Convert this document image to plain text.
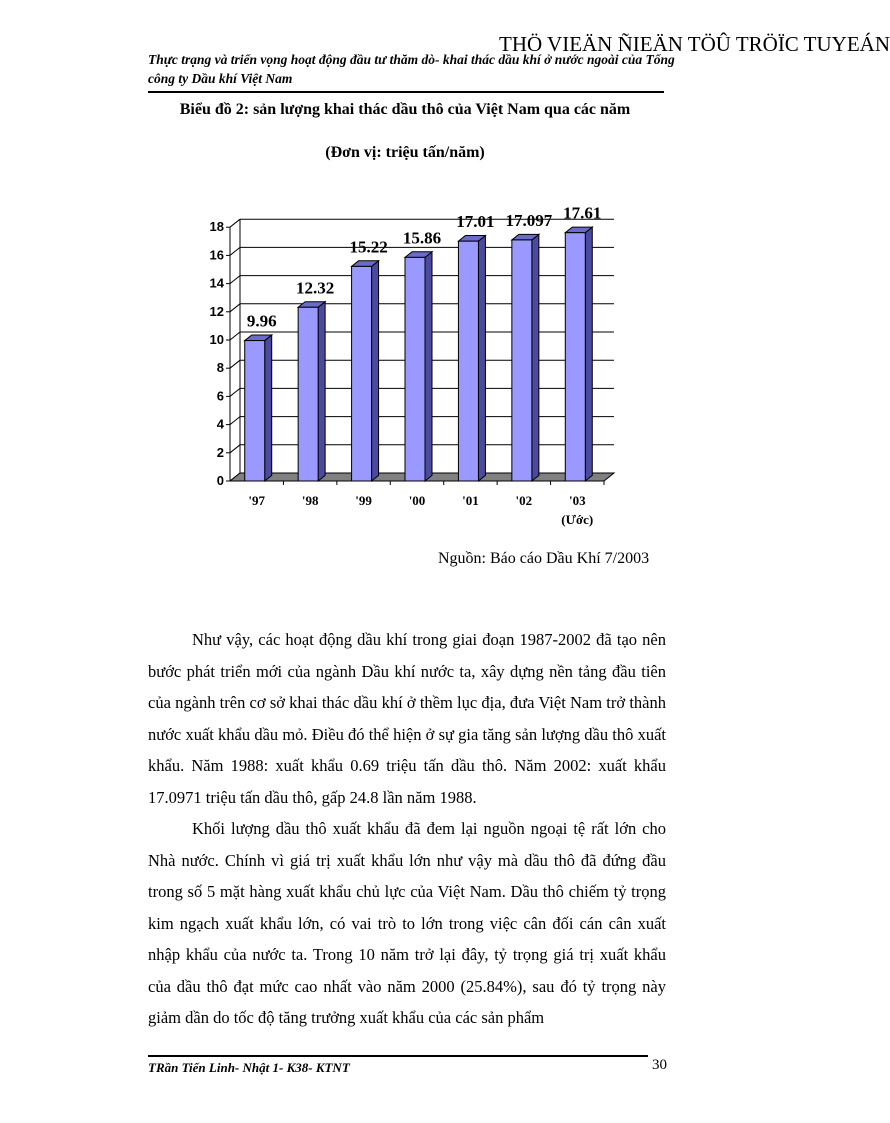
THÖ VIEÄN ÑIEÄN TÖÛ TRÖÏC TUYEÁN
Thực trạng và triển vọng hoạt động đầu tư thăm dò- khai thác dầu khí ở nước ngoài của Tổng công ty Dầu khí Việt Nam
Biểu đồ 2: sản lượng khai thác dầu thô của Việt Nam qua các năm
(Đơn vị: triệu tấn/năm)
0
2
4
6
8
10
12
14
16
18
9.96
'97
12.32
'98
15.22
'99
15.86
'00
17.01
'01
17.097
'02
17.61
'03
(Ước)
Nguồn: Báo cáo Dầu Khí 7/2003

Như vậy, các hoạt động dầu khí trong giai đoạn 1987-2002 đã tạo nên bước phát triển mới của ngành Dầu khí nước ta, xây dựng nền tảng đầu tiên của ngành trên cơ sở khai thác dầu khí ở thềm lục địa, đưa Việt Nam trở thành nước xuất khẩu dầu mỏ. Điều đó thể hiện ở sự gia tăng sản lượng dầu thô xuất khẩu. Năm 1988: xuất khẩu 0.69 triệu tấn dầu thô. Năm 2002: xuất khẩu 17.0971 triệu tấn dầu thô, gấp 24.8 lần năm 1988.

Khối lượng dầu thô xuất khẩu đã đem lại nguồn ngoại tệ rất lớn cho Nhà nước. Chính vì giá trị xuất khẩu lớn như vậy mà dầu thô đã đứng đầu trong số 5 mặt hàng xuất khẩu chủ lực của Việt Nam. Dầu thô chiếm tỷ trọng kim ngạch xuất khẩu lớn, có vai trò to lớn trong việc cân đối cán cân xuất nhập khẩu của nước ta. Trong 10 năm trở lại đây, tỷ trọng giá trị xuất khẩu của dầu thô đạt mức cao nhất vào năm 2000 (25.84%), sau đó tỷ trọng này giảm dần do tốc độ tăng trưởng xuất khẩu của các sản phẩm

TRần Tiến Linh- Nhật 1- K38- KTNT	30
